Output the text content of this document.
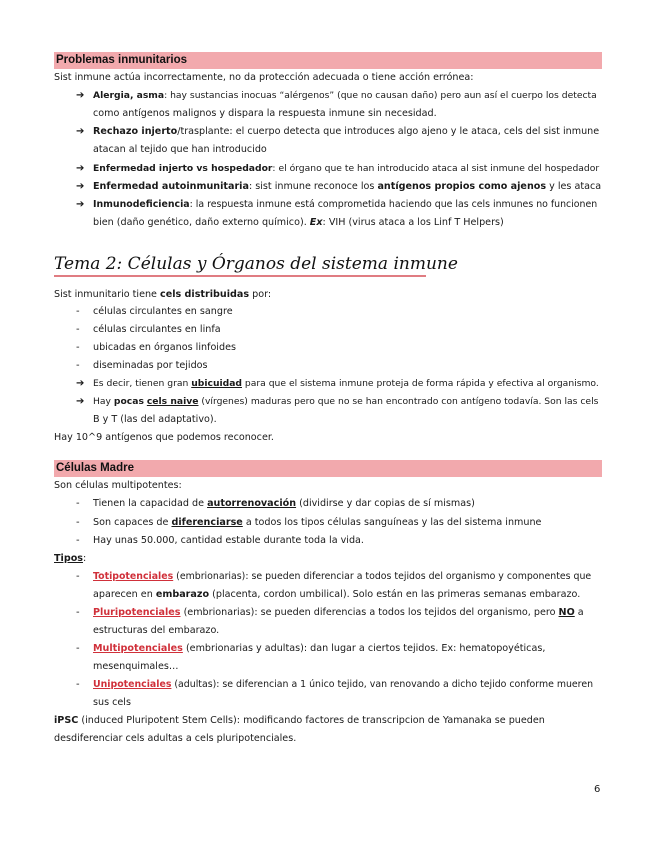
Problemas inmunitarios
Sist inmune actúa incorrectamente, no da protección adecuada o tiene acción errónea:
➔ Alergia, asma: hay sustancias inocuas “alérgenos” (que no causan daño) pero aun así el cuerpo los detecta
como antígenos malignos y dispara la respuesta inmune sin necesidad.
➔ Rechazo injerto/trasplante: el cuerpo detecta que introduces algo ajeno y le ataca, cels del sist inmune
atacan al tejido que han introducido
➔ Enfermedad injerto vs hospedador: el órgano que te han introducido ataca al sist inmune del hospedador
➔ Enfermedad autoinmunitaria: sist inmune reconoce los antígenos propios como ajenos y les ataca
➔ Inmunodeficiencia: la respuesta inmune está comprometida haciendo que las cels inmunes no funcionen
bien (daño genético, daño externo químico). Ex: VIH (virus ataca a los Linf T Helpers)
Tema 2: Células y Órganos del sistema inmune
Sist inmunitario tiene cels distribuidas por:
- células circulantes en sangre
- células circulantes en linfa
- ubicadas en órganos linfoides
- diseminadas por tejidos
➔ Es decir, tienen gran ubicuidad para que el sistema inmune proteja de forma rápida y efectiva al organismo.
➔ Hay pocas cels naive (vírgenes) maduras pero que no se han encontrado con antígeno todavía. Son las cels
B y T (las del adaptativo).
Hay 10^9 antígenos que podemos reconocer.
Células Madre
Son células multipotentes:
- Tienen la capacidad de autorrenovación (dividirse y dar copias de sí mismas)
- Son capaces de diferenciarse a todos los tipos células sanguíneas y las del sistema inmune
- Hay unas 50.000, cantidad estable durante toda la vida.
Tipos:
- Totipotenciales (embrionarias): se pueden diferenciar a todos tejidos del organismo y componentes que
aparecen en embarazo (placenta, cordon umbilical). Solo están en las primeras semanas embarazo.
- Pluripotenciales (embrionarias): se pueden diferencias a todos los tejidos del organismo, pero NO a
estructuras del embarazo.
- Multipotenciales (embrionarias y adultas): dan lugar a ciertos tejidos. Ex: hematopoyéticas,
mesenquimales…
- Unipotenciales (adultas): se diferencian a 1 único tejido, van renovando a dicho tejido conforme mueren
sus cels
iPSC (induced Pluripotent Stem Cells): modificando factores de transcripcion de Yamanaka se pueden
desdiferenciar cels adultas a cels pluripotenciales.
6
